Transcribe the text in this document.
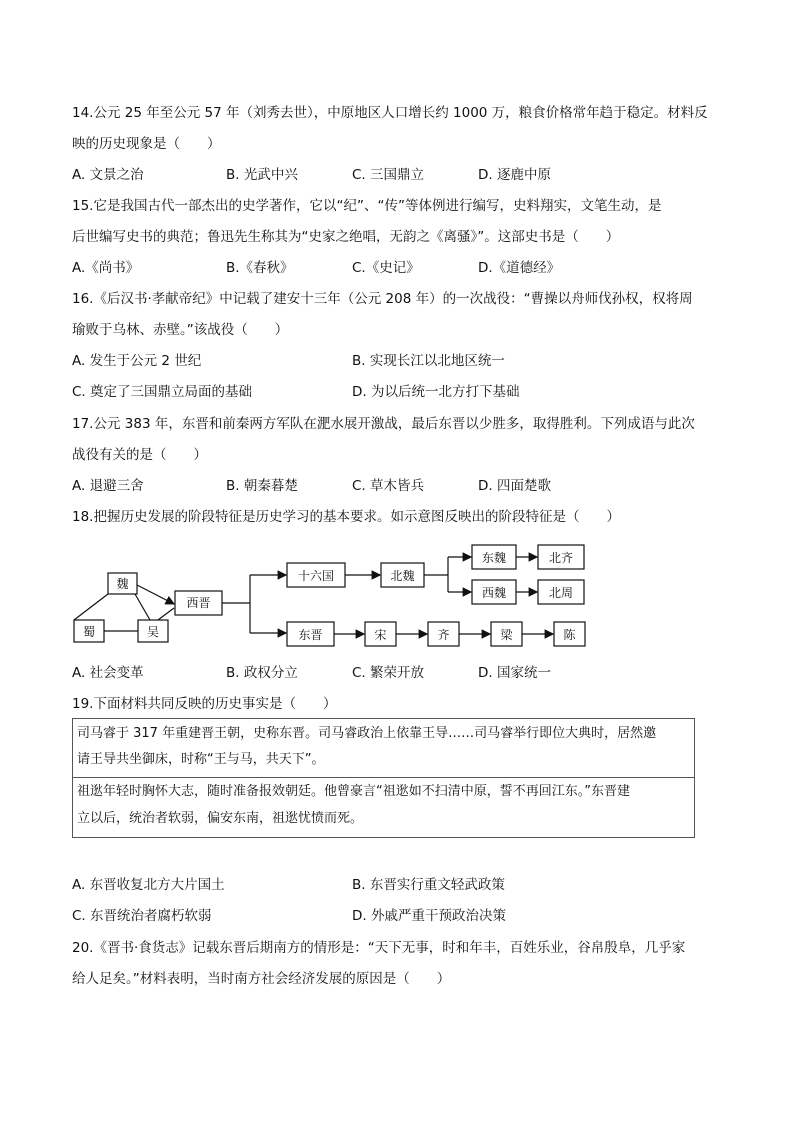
14.公元 25 年至公元 57 年（刘秀去世），中原地区人口增长约 1000 万，粮食价格常年趋于稳定。材料反
映的历史现象是（　　）
A. 文景之治	B. 光武中兴	C. 三国鼎立	D. 逐鹿中原
15.它是我国古代一部杰出的史学著作，它以“纪”、“传”等体例进行编写，史料翔实，文笔生动，是
后世编写史书的典范；鲁迅先生称其为“史家之绝唱，无韵之《离骚》”。这部史书是（　　）
A.《尚书》	B.《春秋》	C.《史记》	D.《道德经》
16.《后汉书·孝献帝纪》中记载了建安十三年（公元 208 年）的一次战役：“曹操以舟师伐孙权，权将周
瑜败于乌林、赤壁。”该战役（　　）
A. 发生于公元 2 世纪	B. 实现长江以北地区统一
C. 奠定了三国鼎立局面的基础	D. 为以后统一北方打下基础
17.公元 383 年，东晋和前秦两方军队在淝水展开激战，最后东晋以少胜多，取得胜利。下列成语与此次
战役有关的是（　　）
A. 退避三舍	B. 朝秦暮楚	C. 草木皆兵	D. 四面楚歌
18.把握历史发展的阶段特征是历史学习的基本要求。如示意图反映出的阶段特征是（　　）
魏
蜀	吴
西晋
十六国	北魏
东魏
西魏
北齐
北周
东晋	宋	齐	梁	陈
A. 社会变革	B. 政权分立	C. 繁荣开放	D. 国家统一
19.下面材料共同反映的历史事实是（　　）
司马睿于 317 年重建晋王朝，史称东晋。司马睿政治上依靠王导……司马睿举行即位大典时，居然邀
请王导共坐御床，时称“王与马，共天下”。
祖逖年轻时胸怀大志，随时准备报效朝廷。他曾豪言“祖逖如不扫清中原，誓不再回江东。”东晋建
立以后，统治者软弱，偏安东南，祖逖忧愤而死。
A. 东晋收复北方大片国土	B. 东晋实行重文轻武政策
C. 东晋统治者腐朽软弱	D. 外戚严重干预政治决策
20.《晋书·食货志》记载东晋后期南方的情形是：“天下无事，时和年丰，百姓乐业，谷帛殷阜，几乎家
给人足矣。”材料表明，当时南方社会经济发展的原因是（　　）
